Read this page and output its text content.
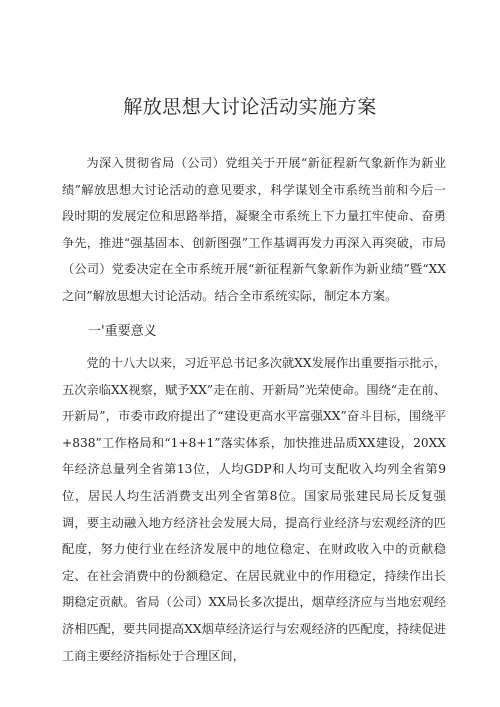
解放思想大讨论活动实施方案

为深入贯彻省局（公司）党组关于开展“新征程新气象新作为新业绩”解放思想大讨论活动的意见要求，科学谋划全市系统当前和今后一段时期的发展定位和思路举措，凝聚全市系统上下力量扛牢使命、奋勇争先，推进“强基固本、创新图强”工作基调再发力再深入再突破，市局（公司）党委决定在全市系统开展“新征程新气象新作为新业绩”暨“XX之问”解放思想大讨论活动。结合全市系统实际，制定本方案。

一'重要意义

党的十八大以来，习近平总书记多次就XX发展作出重要指示批示，五次亲临XX视察，赋予XX”走在前、开新局”光荣使命。围绕“走在前、开新局”，市委市政府提出了“建设更高水平富强XX”奋斗目标，围绕平+838”工作格局和“1+8+1”落实体系，加快推进品质XX建设，20XX年经济总量列全省第13位，人均GDP和人均可支配收入均列全省第9位，居民人均生活消费支出列全省第8位。国家局张建民局长反复强调，要主动融入地方经济社会发展大局，提高行业经济与宏观经济的匹配度，努力使行业在经济发展中的地位稳定、在财政收入中的贡献稳定、在社会消费中的份额稳定、在居民就业中的作用稳定，持续作出长期稳定贡献。省局（公司）XX局长多次提出，烟草经济应与当地宏观经济相匹配，要共同提高XX烟草经济运行与宏观经济的匹配度，持续促进工商主要经济指标处于合理区间，
